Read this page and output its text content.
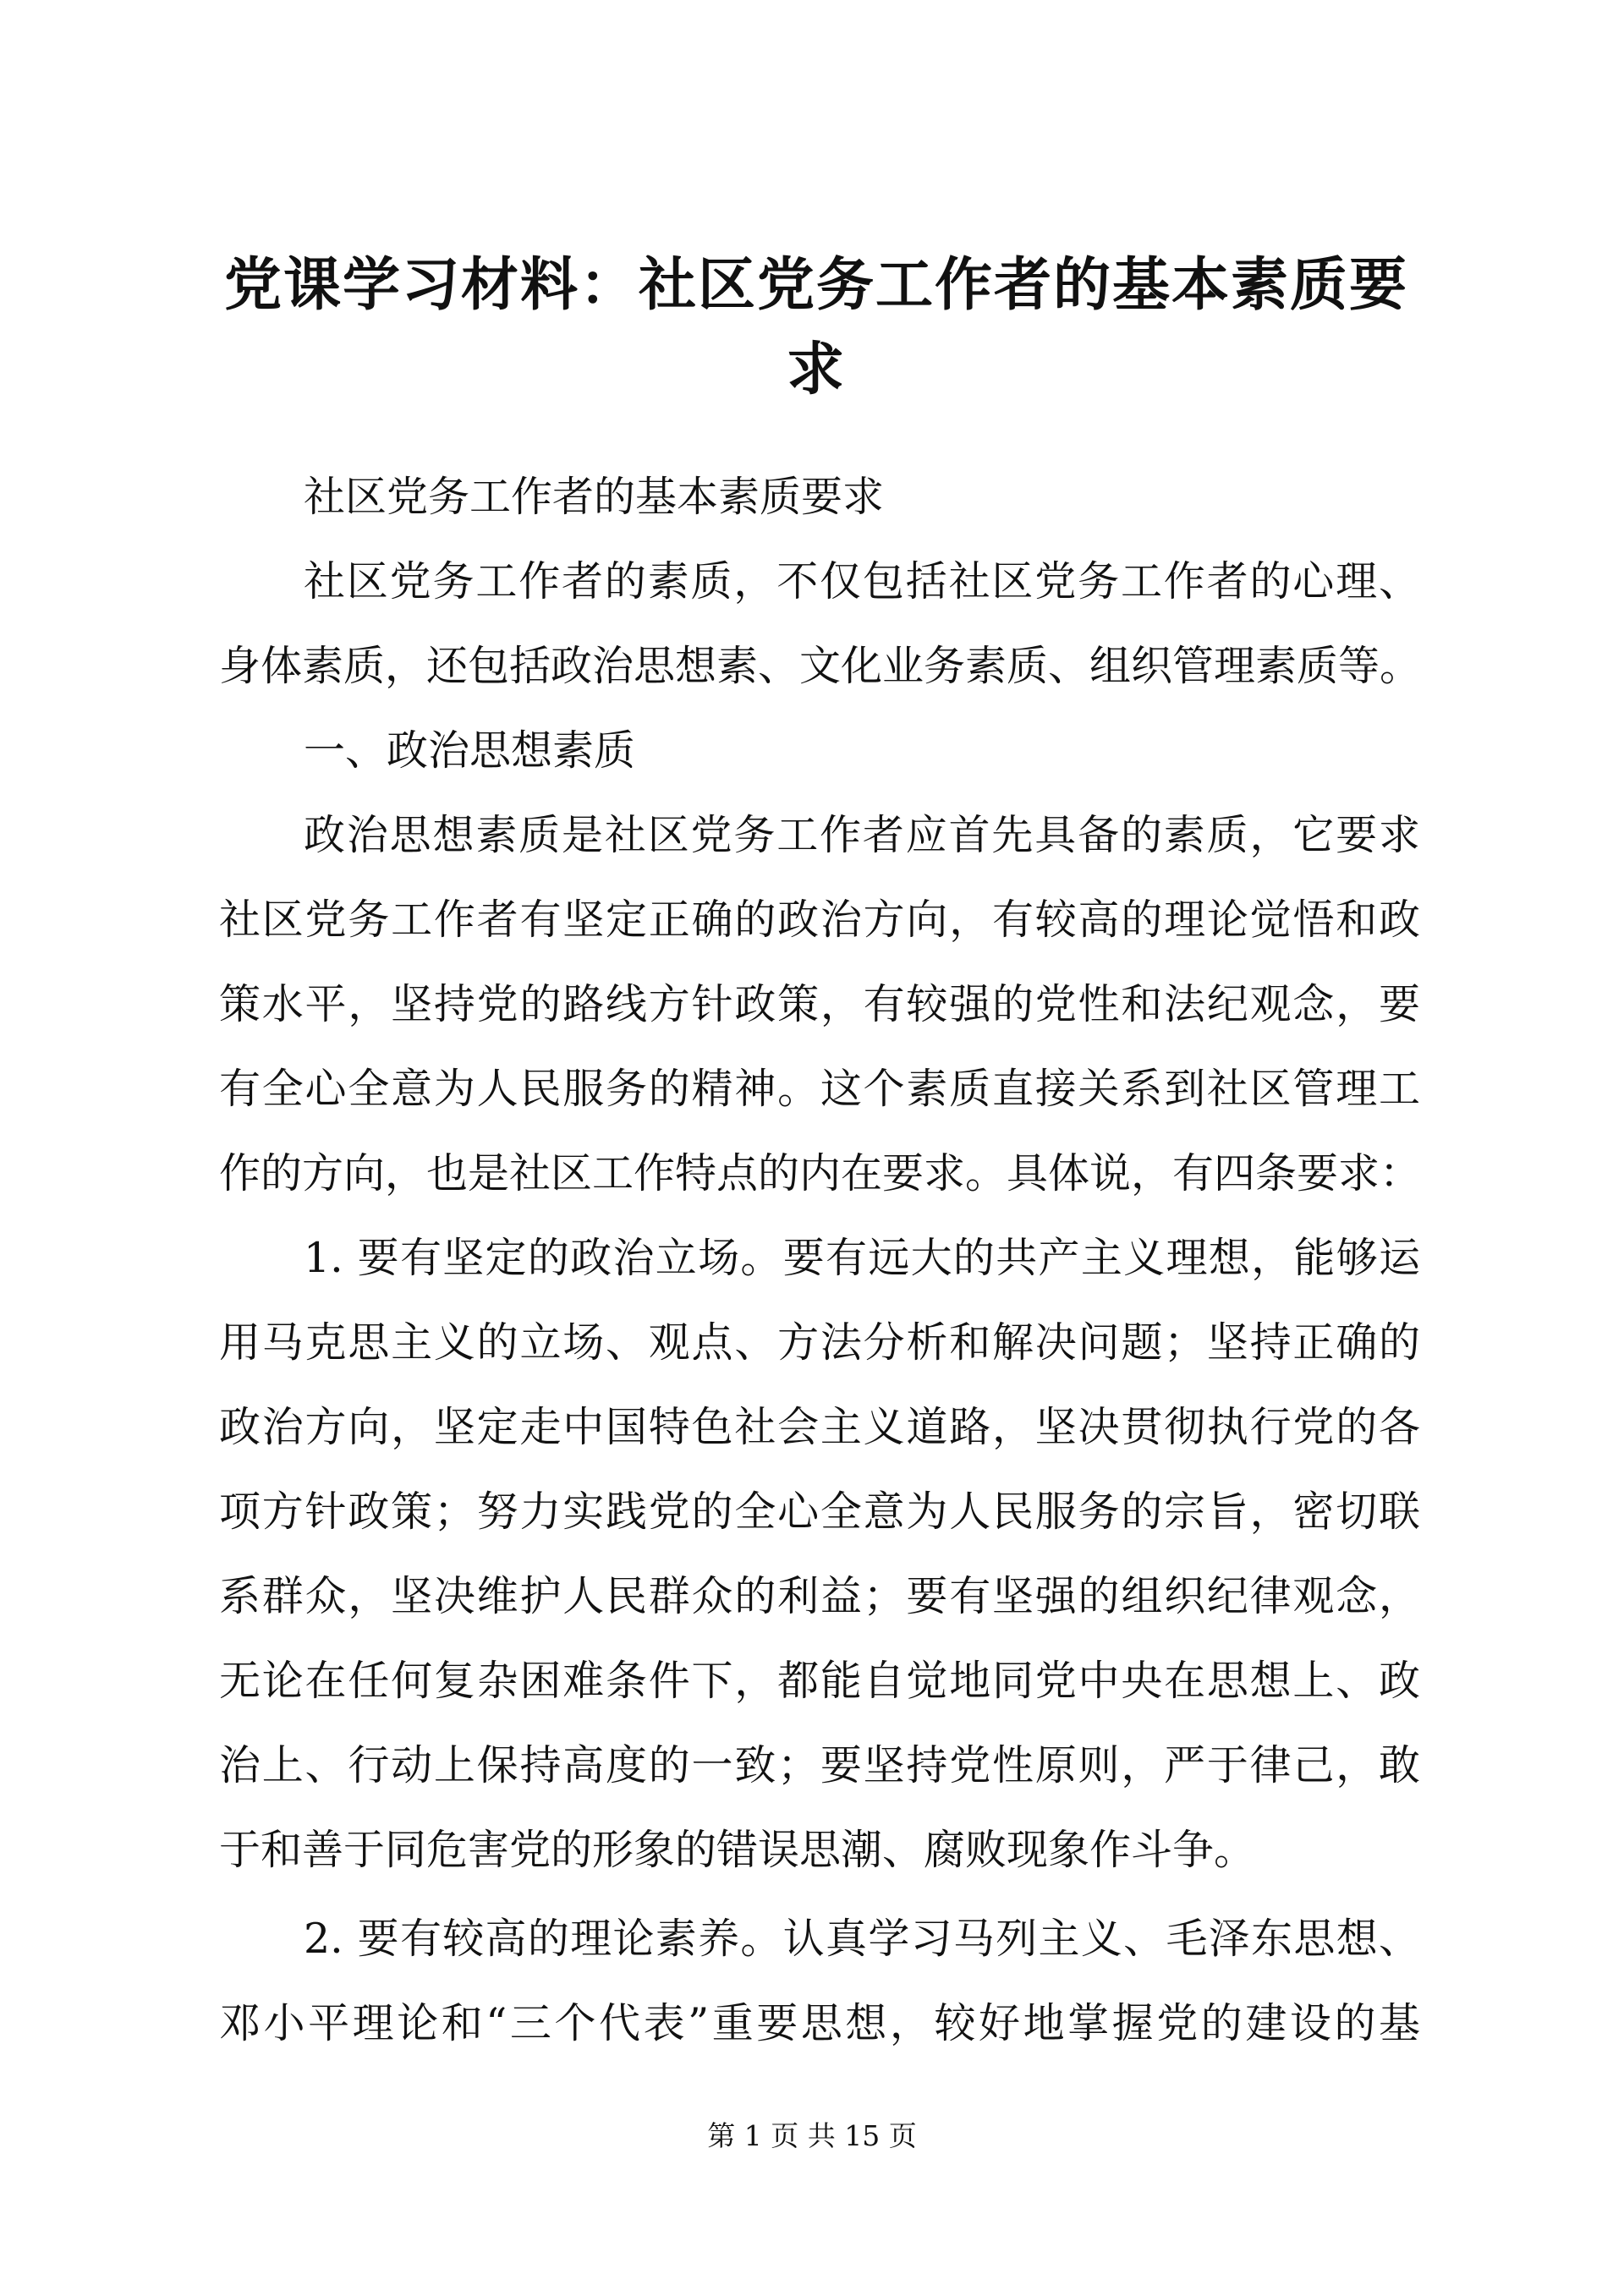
党课学习材料：社区党务工作者的基本素质要
求

社区党务工作者的基本素质要求

社区党务工作者的素质，不仅包括社区党务工作者的心理、

身体素质，还包括政治思想素、文化业务素质、组织管理素质等。

一、政治思想素质

政治思想素质是社区党务工作者应首先具备的素质，它要求

社区党务工作者有坚定正确的政治方向，有较高的理论觉悟和政

策水平，坚持党的路线方针政策，有较强的党性和法纪观念，要

有全心全意为人民服务的精神。这个素质直接关系到社区管理工

作的方向，也是社区工作特点的内在要求。具体说，有四条要求：

1. 要有坚定的政治立场。要有远大的共产主义理想，能够运

用马克思主义的立场、观点、方法分析和解决问题；坚持正确的

政治方向，坚定走中国特色社会主义道路，坚决贯彻执行党的各

项方针政策；努力实践党的全心全意为人民服务的宗旨，密切联

系群众，坚决维护人民群众的利益；要有坚强的组织纪律观念，

无论在任何复杂困难条件下，都能自觉地同党中央在思想上、政

治上、行动上保持高度的一致；要坚持党性原则，严于律己，敢

于和善于同危害党的形象的错误思潮、腐败现象作斗争。

2. 要有较高的理论素养。认真学习马列主义、毛泽东思想、

邓小平理论和“三个代表”重要思想，较好地掌握党的建设的基

第 1 页 共 15 页
